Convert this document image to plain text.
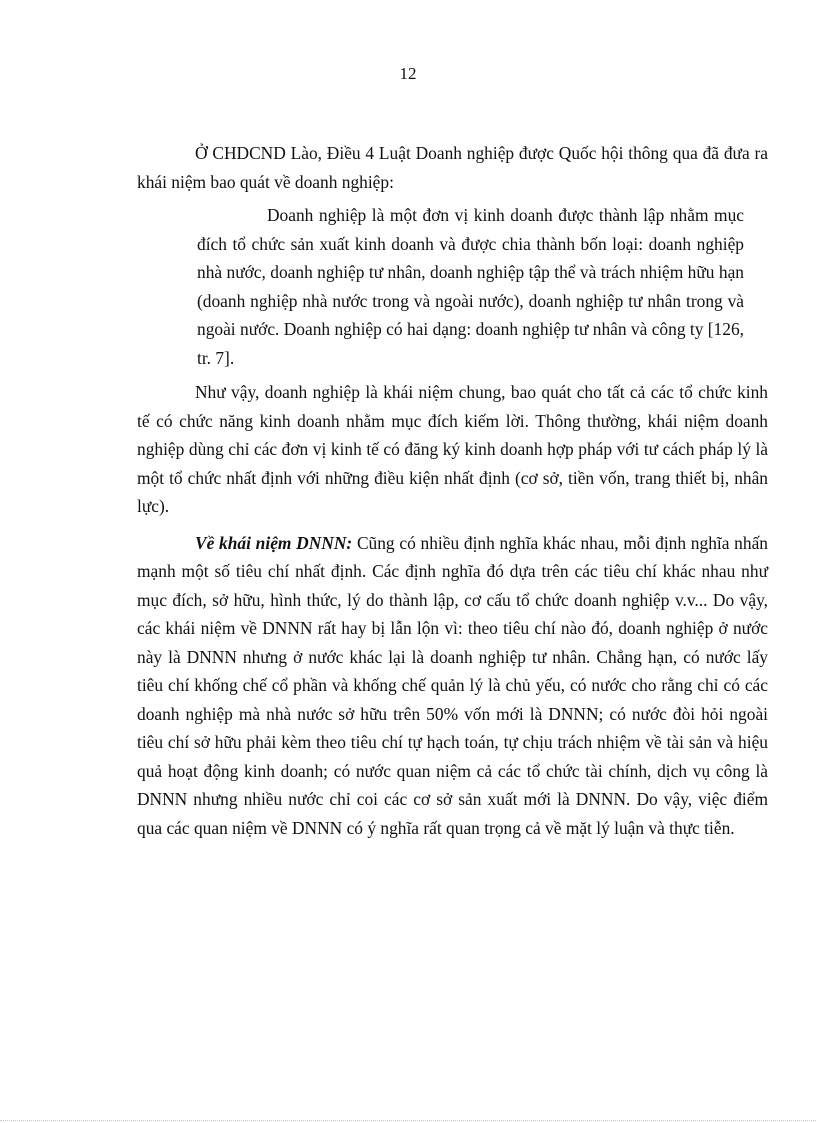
12

Ở CHDCND Lào, Điều 4 Luật Doanh nghiệp được Quốc hội thông qua đã đưa ra khái niệm bao quát về doanh nghiệp:

Doanh nghiệp là một đơn vị kinh doanh được thành lập nhằm mục đích tổ chức sản xuất kinh doanh và được chia thành bốn loại: doanh nghiệp nhà nước, doanh nghiệp tư nhân, doanh nghiệp tập thể và trách nhiệm hữu hạn (doanh nghiệp nhà nước trong và ngoài nước), doanh nghiệp tư nhân trong và ngoài nước. Doanh nghiệp có hai dạng: doanh nghiệp tư nhân và công ty [126, tr. 7].

Như vậy, doanh nghiệp là khái niệm chung, bao quát cho tất cả các tổ chức kinh tế có chức năng kinh doanh nhằm mục đích kiếm lời. Thông thường, khái niệm doanh nghiệp dùng chỉ các đơn vị kinh tế có đăng ký kinh doanh hợp pháp với tư cách pháp lý là một tổ chức nhất định với những điều kiện nhất định (cơ sở, tiền vốn, trang thiết bị, nhân lực).

Về khái niệm DNNN: Cũng có nhiều định nghĩa khác nhau, mỗi định nghĩa nhấn mạnh một số tiêu chí nhất định. Các định nghĩa đó dựa trên các tiêu chí khác nhau như mục đích, sở hữu, hình thức, lý do thành lập, cơ cấu tổ chức doanh nghiệp v.v... Do vậy, các khái niệm về DNNN rất hay bị lẫn lộn vì: theo tiêu chí nào đó, doanh nghiệp ở nước này là DNNN nhưng ở nước khác lại là doanh nghiệp tư nhân. Chẳng hạn, có nước lấy tiêu chí khống chế cổ phần và khống chế quản lý là chủ yếu, có nước cho rằng chỉ có các doanh nghiệp mà nhà nước sở hữu trên 50% vốn mới là DNNN; có nước đòi hỏi ngoài tiêu chí sở hữu phải kèm theo tiêu chí tự hạch toán, tự chịu trách nhiệm về tài sản và hiệu quả hoạt động kinh doanh; có nước quan niệm cả các tổ chức tài chính, dịch vụ công là DNNN nhưng nhiều nước chỉ coi các cơ sở sản xuất mới là DNNN. Do vậy, việc điểm qua các quan niệm về DNNN có ý nghĩa rất quan trọng cả về mặt lý luận và thực tiễn.
